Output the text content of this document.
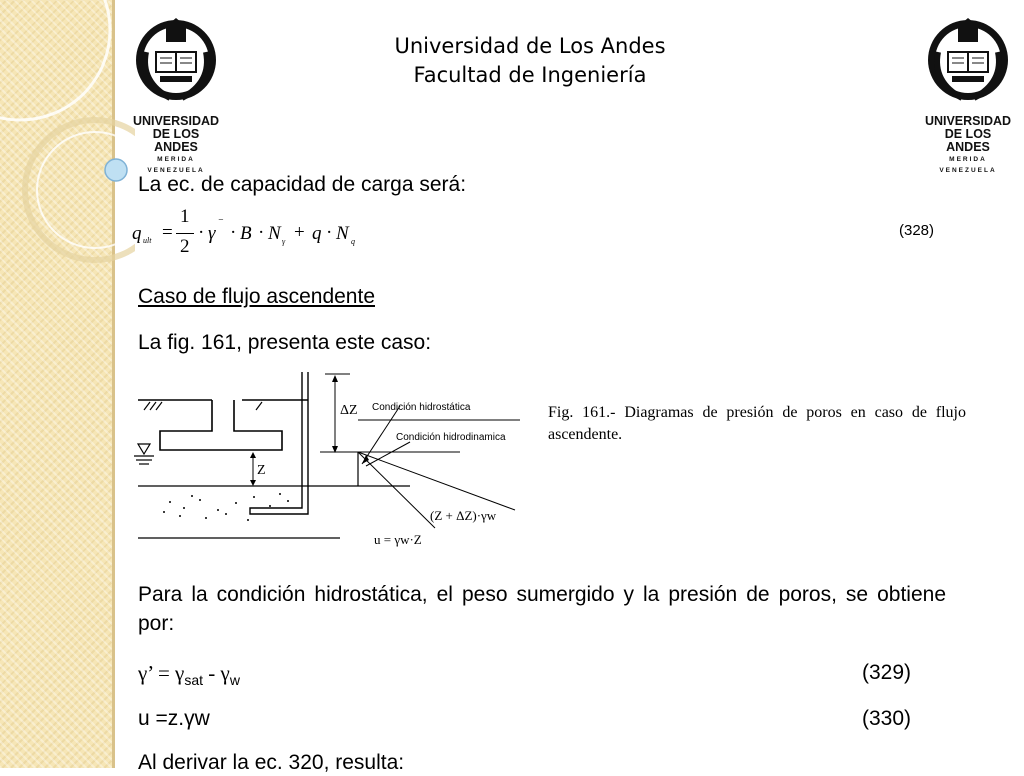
UNIVERSIDAD
DE LOS ANDES
MERIDA VENEZUELA
UNIVERSIDAD
DE LOS ANDES
MERIDA VENEZUELA
Universidad de Los Andes
Facultad de Ingeniería
La ec. de capacidad de carga será:
q ult =
1
2
· γ
⁻ · B · N γ + q · N q
(328)
Caso de flujo ascendente
La fig. 161, presenta este caso:
ΔZ Condición hidrostática
Condición hidrodinamica
Z
(Z + ΔZ)·γw
u = γw·Z
Fig. 161.- Diagramas de presión de poros en caso de flujo ascendente.
Para la condición hidrostática, el peso sumergido y la presión de poros, se obtiene por:
γ’ = $\gamma_{sat} - \gamma_w$	(329)
u =z.γw	(330)
Al derivar la ec. 320, resulta:
